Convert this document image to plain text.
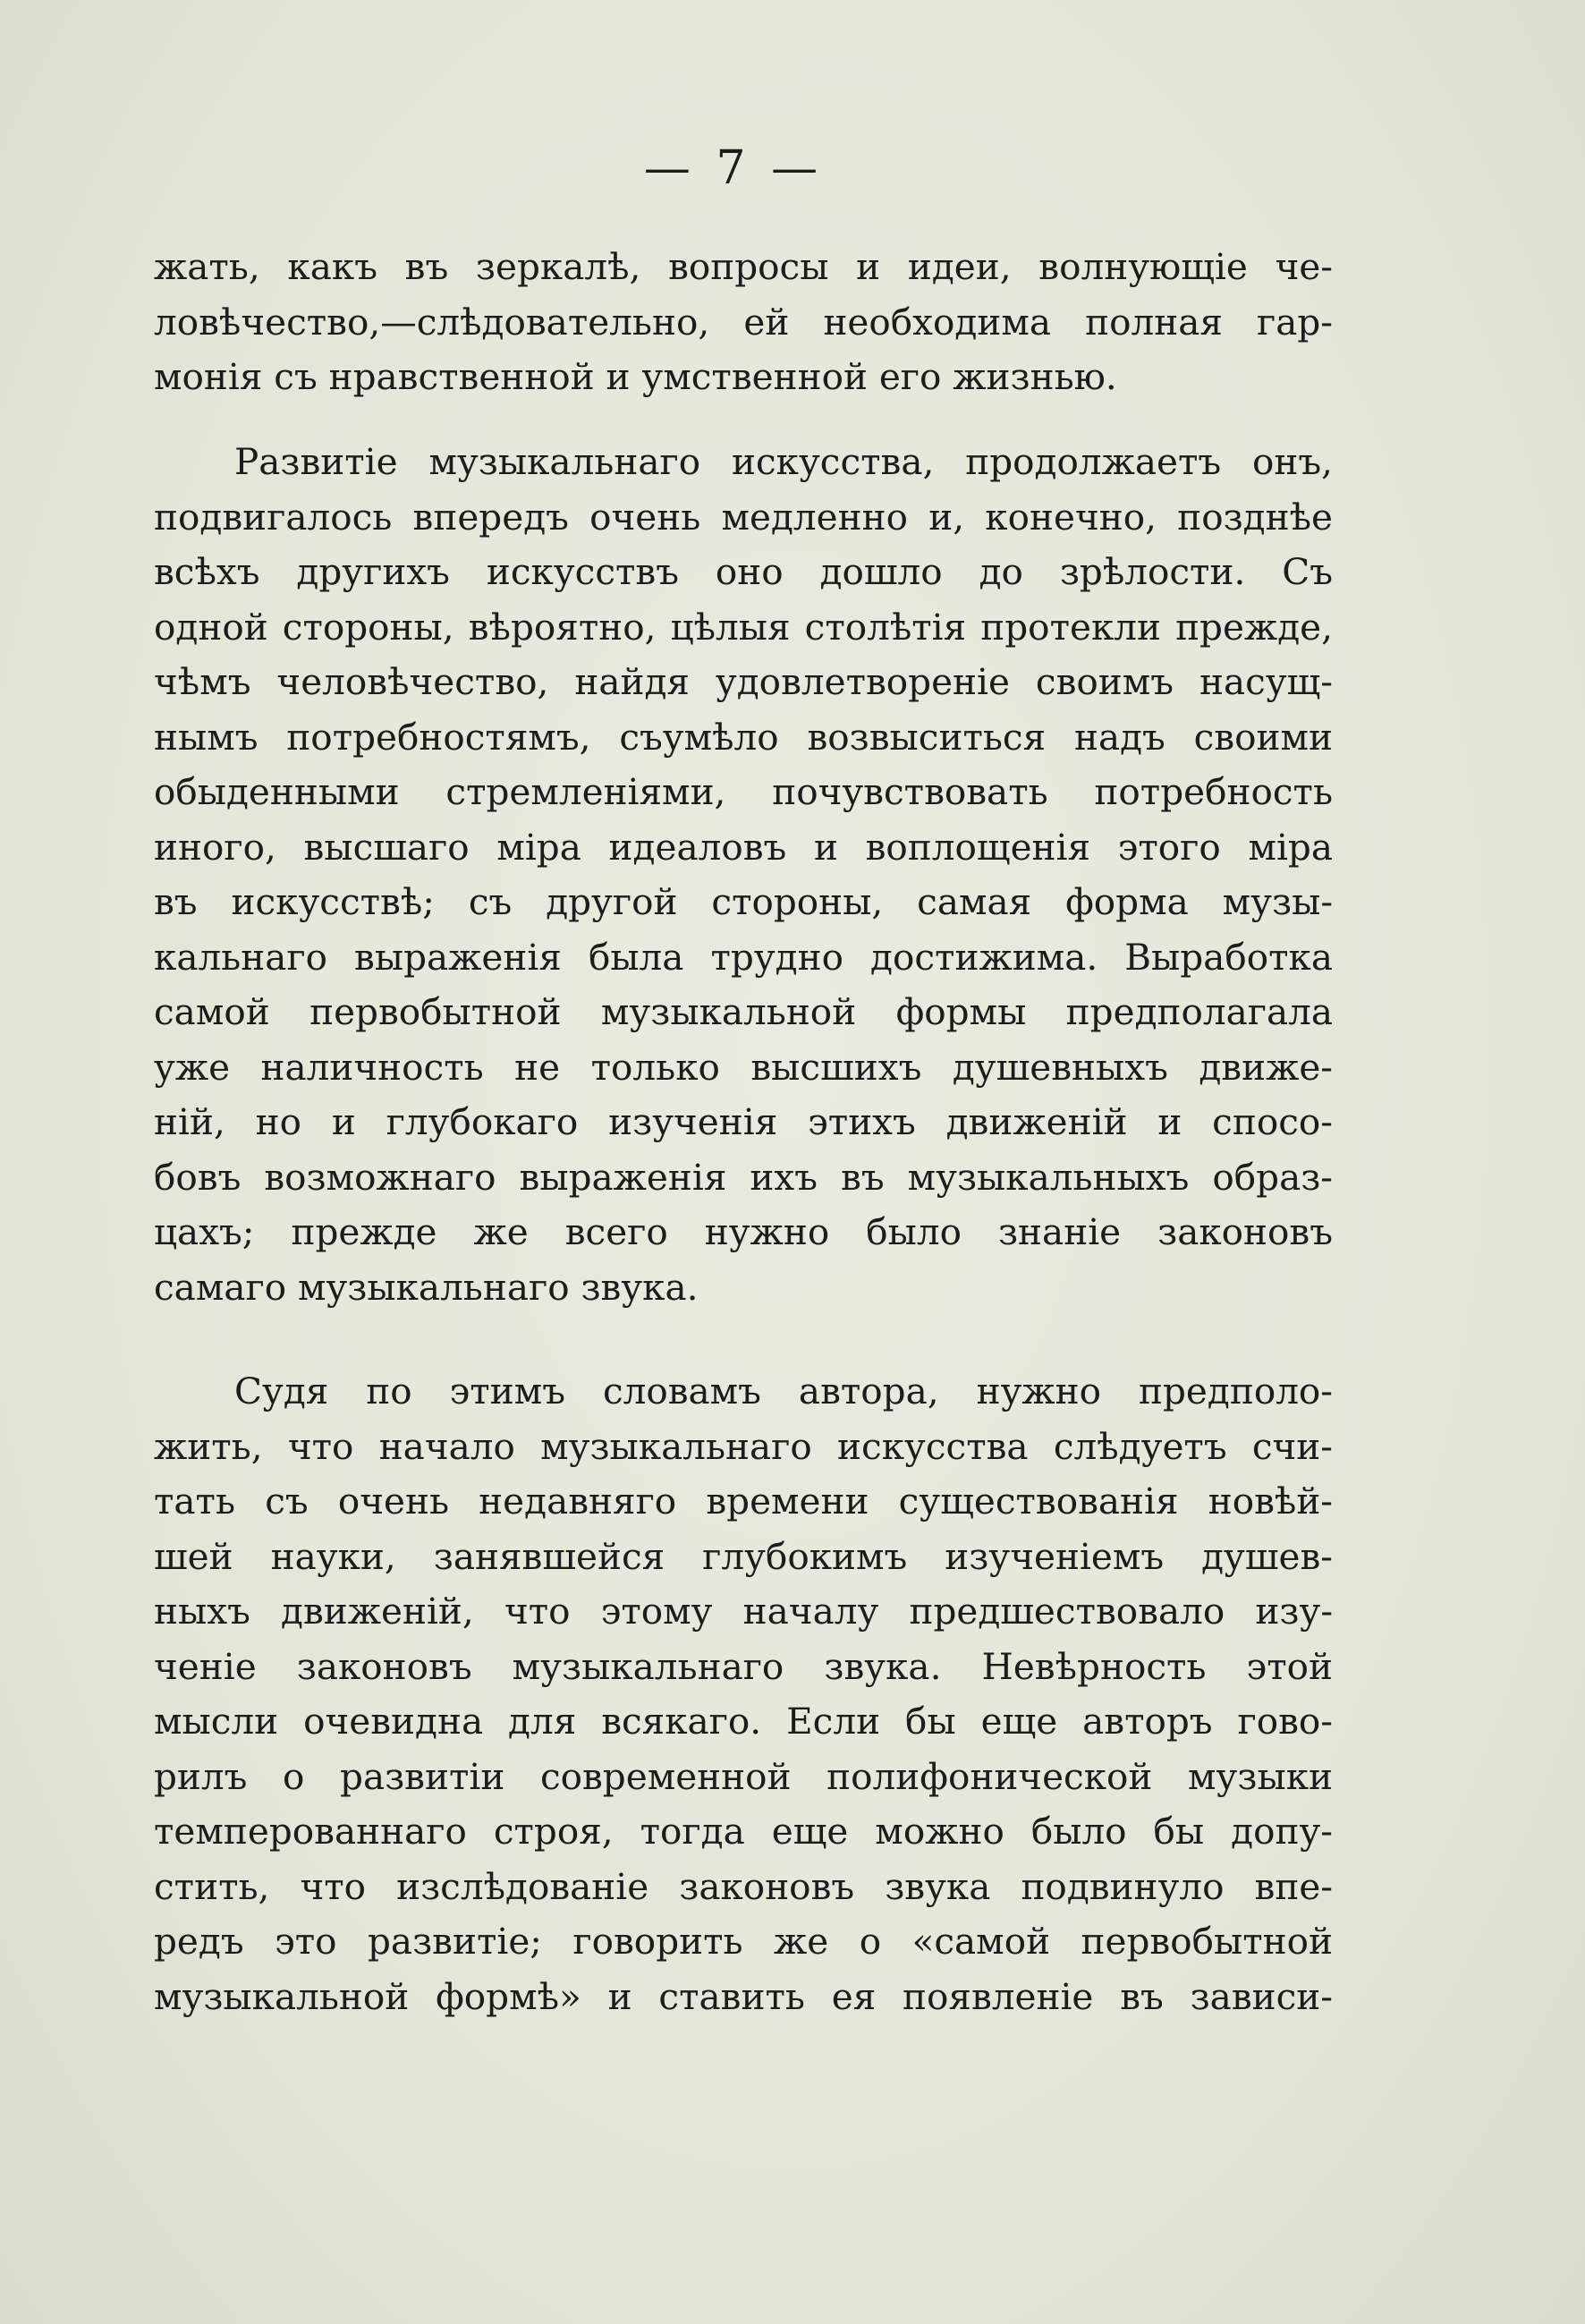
— 7 —
жать, какъ въ зеркалѣ, вопросы и идеи, волнующіе че-
ловѣчество,—слѣдовательно, ей необходима полная гар-
монія съ нравственной и умственной его жизнью.
Развитіе музыкальнаго искусства, продолжаетъ онъ,
подвигалось впередъ очень медленно и, конечно, позднѣе
всѣхъ другихъ искусствъ оно дошло до зрѣлости. Съ
одной стороны, вѣроятно, цѣлыя столѣтія протекли прежде,
чѣмъ человѣчество, найдя удовлетвореніе своимъ насущ-
нымъ потребностямъ, съумѣло возвыситься надъ своими
обыденными стремленіями, почувствовать потребность
иного, высшаго міра идеаловъ и воплощенія этого міра
въ искусствѣ; съ другой стороны, самая форма музы-
кальнаго выраженія была трудно достижима. Выработка
самой первобытной музыкальной формы предполагала
уже наличность не только высшихъ душевныхъ движе-
ній, но и глубокаго изученія этихъ движеній и спосо-
бовъ возможнаго выраженія ихъ въ музыкальныхъ образ-
цахъ; прежде же всего нужно было знаніе законовъ
самаго музыкальнаго звука.
Судя по этимъ словамъ автора, нужно предполо-
жить, что начало музыкальнаго искусства слѣдуетъ счи-
тать съ очень недавняго времени существованія новѣй-
шей науки, занявшейся глубокимъ изученіемъ душев-
ныхъ движеній, что этому началу предшествовало изу-
ченіе законовъ музыкальнаго звука. Невѣрность этой
мысли очевидна для всякаго. Если бы еще авторъ гово-
рилъ о развитіи современной полифонической музыки
темперованнаго строя, тогда еще можно было бы допу-
стить, что изслѣдованіе законовъ звука подвинуло впе-
редъ это развитіе; говорить же о «самой первобытной
музыкальной формѣ» и ставить ея появленіе въ зависи-
